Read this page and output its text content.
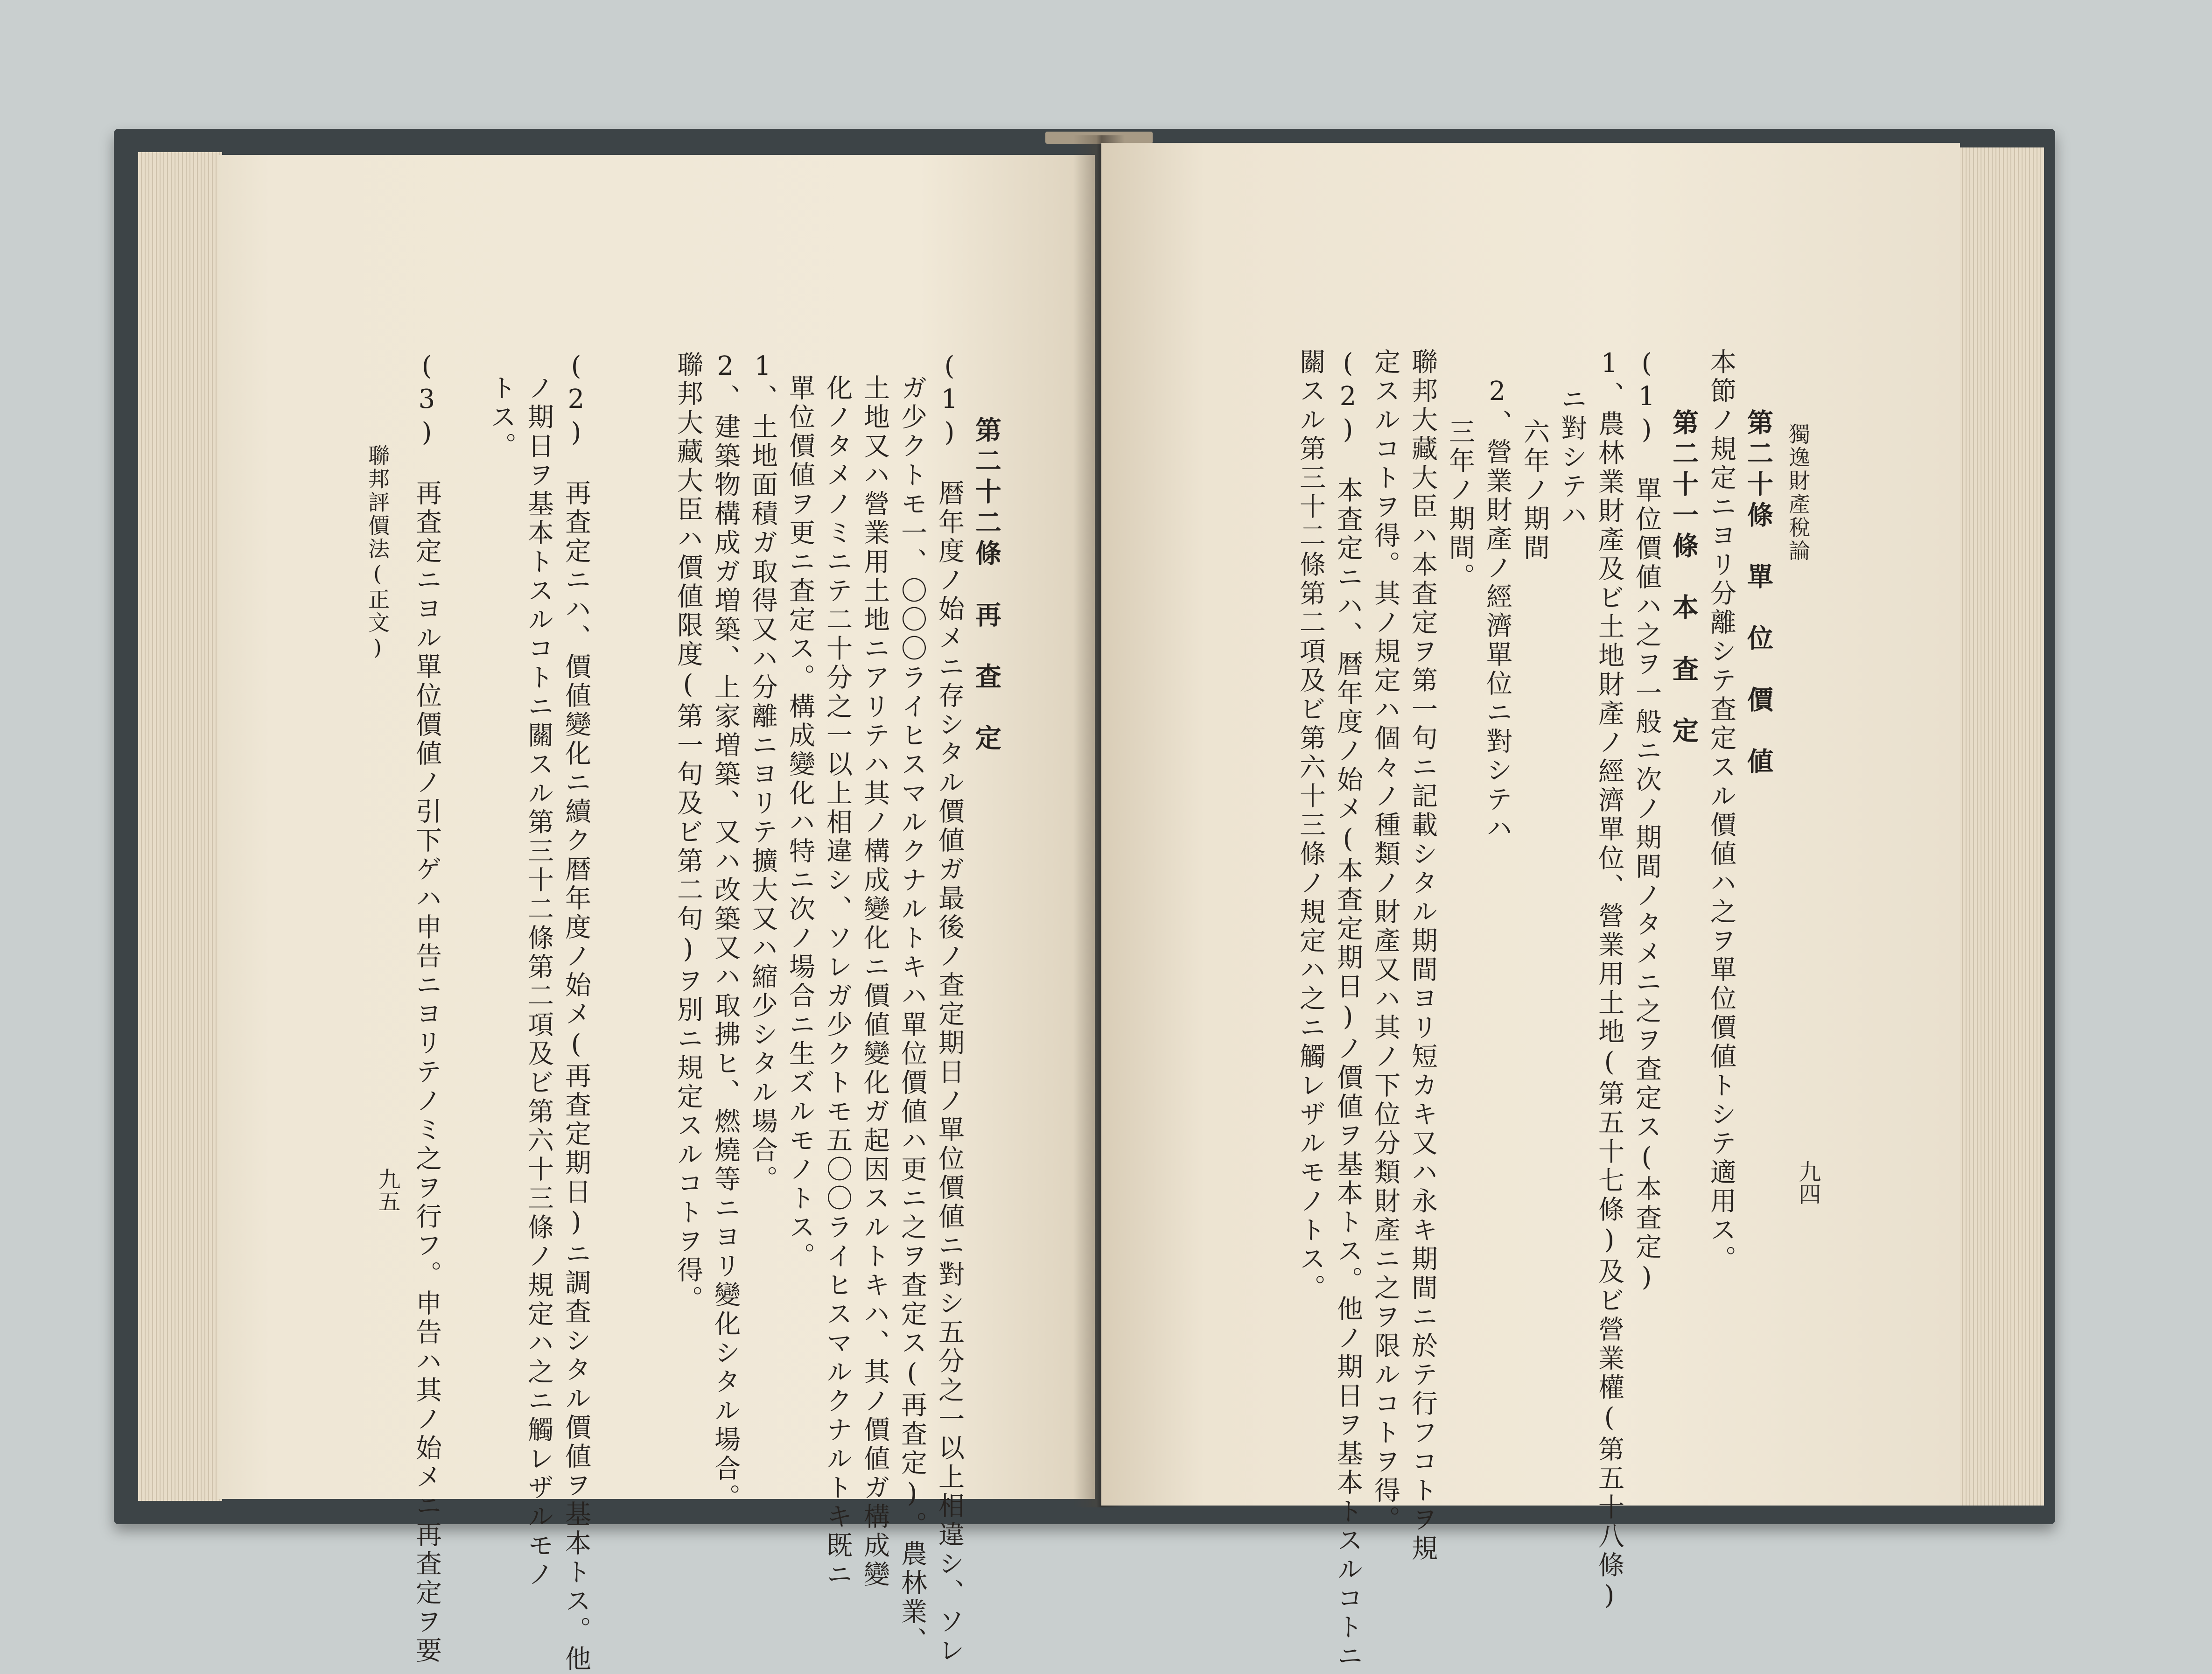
(1)　暦年度ノ始メニ存シタル價値ガ最後ノ査定期日ノ單位價値ニ對シ五分之一以上相違シ、ソレ 第二十二條　再　査　定
ガ少クトモ一、〇〇〇ライヒスマルクナルトキハ單位價値ハ更ニ之ヲ査定ス(再査定)。農林業、
土地又ハ營業用土地ニアリテハ其ノ構成變化ニ價値變化ガ起因スルトキハ、其ノ價値ガ構成變
化ノタメノミニテ二十分之一以上相違シ、ソレガ少クトモ五〇〇ライヒスマルクナルトキ既ニ
單位價値ヲ更ニ査定ス。構成變化ハ特ニ次ノ場合ニ生ズルモノトス。
1、土地面積ガ取得又ハ分離ニヨリテ擴大又ハ縮少シタル場合。
2、建築物構成ガ増築、上家増築、又ハ改築又ハ取拂ヒ、燃燒等ニヨリ變化シタル場合。
聯邦大藏大臣ハ價値限度(第一句及ビ第二句)ヲ別ニ規定スルコトヲ得。
(2)　再査定ニハ、價値變化ニ續ク暦年度ノ始メ(再査定期日)ニ調査シタル價値ヲ基本トス。他
ノ期日ヲ基本トスルコトニ關スル第三十二條第二項及ビ第六十三條ノ規定ハ之ニ觸レザルモノ
トス。
(3)　再査定ニヨル單位價値ノ引下ゲハ申告ニヨリテノミ之ヲ行フ。申告ハ其ノ始メニ再査定ヲ要
聯邦評價法(正文)
九五
獨逸財產稅論
九四
第二十條　單　位　價　値
本節ノ規定ニヨリ分離シテ査定スル價値ハ之ヲ單位價値トシテ適用ス。
第二十一條　本　査　定
(1)　單位價値ハ之ヲ一般ニ次ノ期間ノタメニ之ヲ査定ス(本査定)
1、農林業財產及ビ土地財產ノ經濟單位、營業用土地(第五十七條)及ビ營業權(第五十八條)
ニ對シテハ
六年ノ期間
2、營業財產ノ經濟單位ニ對シテハ
三年ノ期間。
聯邦大藏大臣ハ本査定ヲ第一句ニ記載シタル期間ヨリ短カキ又ハ永キ期間ニ於テ行フコトヲ規
定スルコトヲ得。其ノ規定ハ個々ノ種類ノ財產又ハ其ノ下位分類財產ニ之ヲ限ルコトヲ得。
(2)　本査定ニハ、暦年度ノ始メ(本査定期日)ノ價値ヲ基本トス。他ノ期日ヲ基本トスルコトニ
關スル第三十二條第二項及ビ第六十三條ノ規定ハ之ニ觸レザルモノトス。
